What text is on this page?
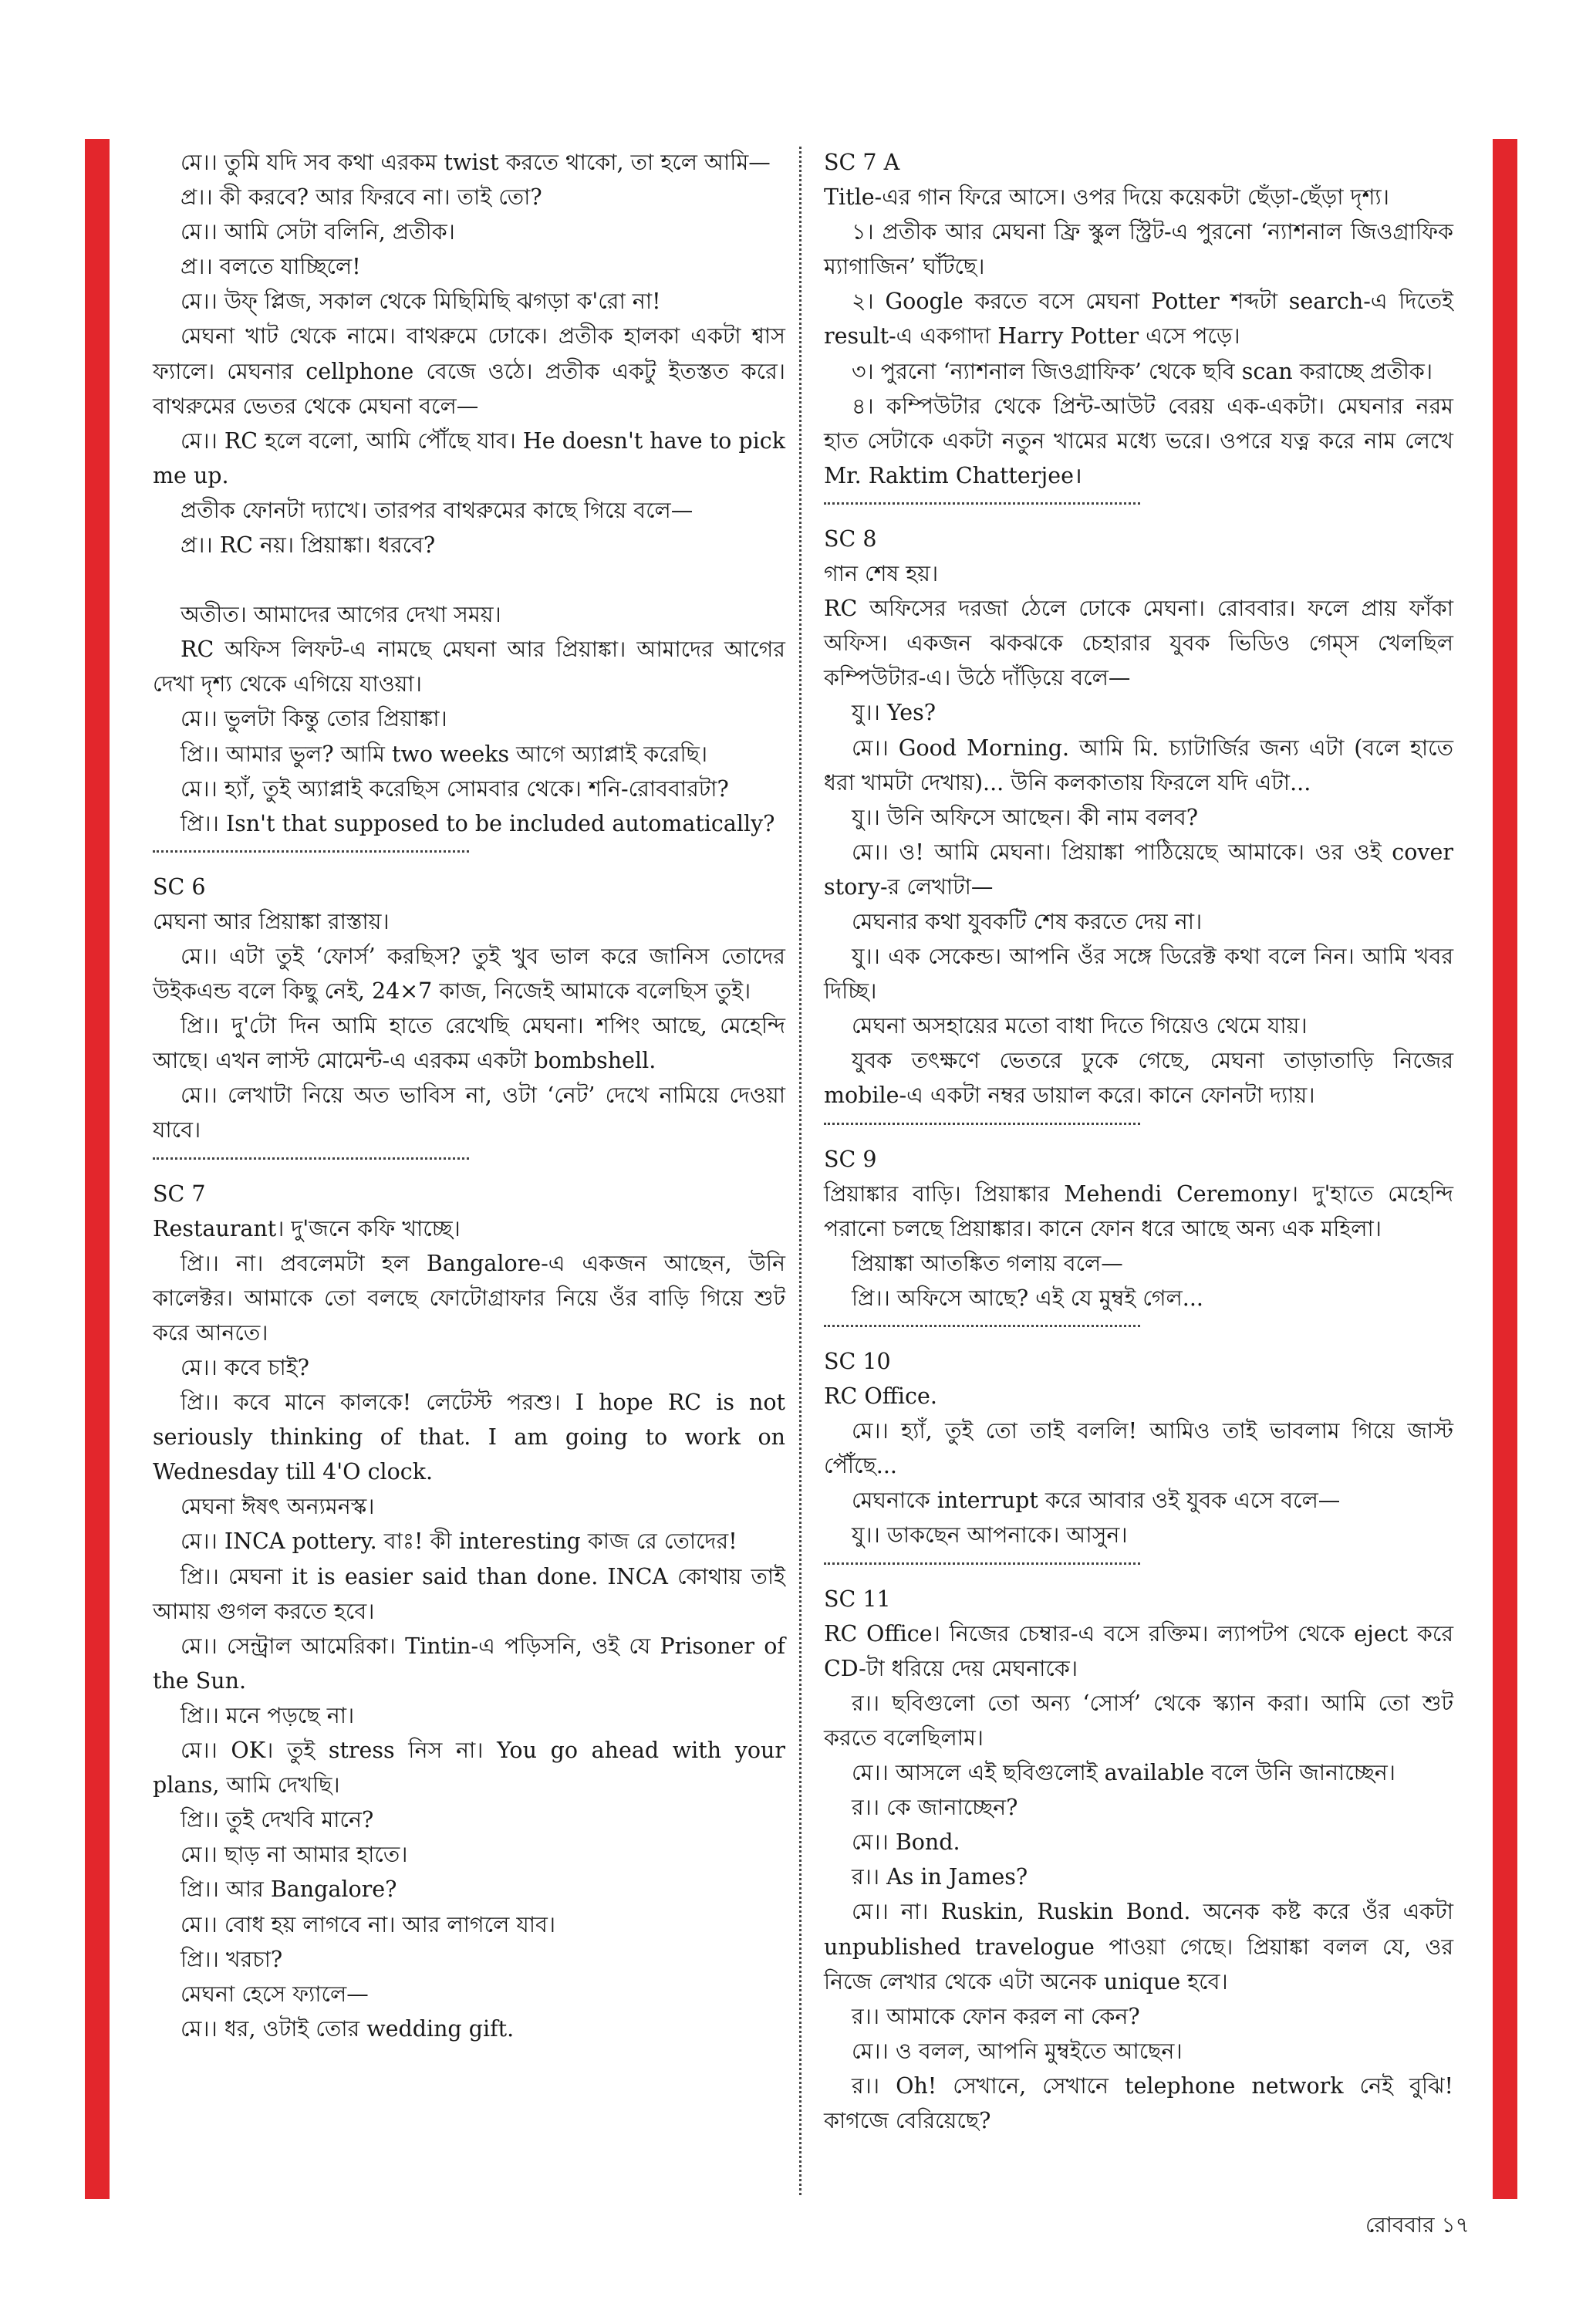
মে।। তুমি যদি সব কথা এরকম twist করতে থাকো, তা হলে আমি—

প্র।। কী করবে? আর ফিরবে না। তাই তো?

মে।। আমি সেটা বলিনি, প্রতীক।

প্র।। বলতে যাচ্ছিলে!

মে।। উফ্ প্লিজ, সকাল থেকে মিছিমিছি ঝগড়া ক'রো না!

মেঘনা খাট থেকে নামে। বাথরুমে ঢোকে। প্রতীক হালকা একটা শ্বাস ফ্যালে। মেঘনার cellphone বেজে ওঠে। প্রতীক একটু ইতস্তত করে। বাথরুমের ভেতর থেকে মেঘনা বলে—

মে।। RC হলে বলো, আমি পৌঁছে যাব। He doesn't have to pick me up.

প্রতীক ফোনটা দ্যাখে। তারপর বাথরুমের কাছে গিয়ে বলে—

প্র।। RC নয়। প্রিয়াঙ্কা। ধরবে?

অতীত। আমাদের আগের দেখা সময়।

RC অফিস লিফট-এ নামছে মেঘনা আর প্রিয়াঙ্কা। আমাদের আগের দেখা দৃশ্য থেকে এগিয়ে যাওয়া।

মে।। ভুলটা কিন্তু তোর প্রিয়াঙ্কা।

প্রি।। আমার ভুল? আমি two weeks আগে অ্যাপ্লাই করেছি।

মে।। হ্যাঁ, তুই অ্যাপ্লাই করেছিস সোমবার থেকে। শনি-রোববারটা?

প্রি।। Isn't that supposed to be included automatically?

SC 6

মেঘনা আর প্রিয়াঙ্কা রাস্তায়।

মে।। এটা তুই ‘ফোর্স’ করছিস? তুই খুব ভাল করে জানিস তোদের উইকএন্ড বলে কিছু নেই, 24×7 কাজ, নিজেই আমাকে বলেছিস তুই।

প্রি।। দু'টো দিন আমি হাতে রেখেছি মেঘনা। শপিং আছে, মেহেন্দি আছে। এখন লাস্ট মোমেন্ট-এ এরকম একটা bombshell.

মে।। লেখাটা নিয়ে অত ভাবিস না, ওটা ‘নেট’ দেখে নামিয়ে দেওয়া যাবে।

SC 7

Restaurant। দু'জনে কফি খাচ্ছে।

প্রি।। না। প্রবলেমটা হল Bangalore-এ একজন আছেন, উনি কালেক্টর। আমাকে তো বলছে ফোটোগ্রাফার নিয়ে ওঁর বাড়ি গিয়ে শুট করে আনতে।

মে।। কবে চাই?

প্রি।। কবে মানে কালকে! লেটেস্ট পরশু। I hope RC is not seriously thinking of that. I am going to work on Wednesday till 4'O clock.

মেঘনা ঈষৎ অন্যমনস্ক।

মে।। INCA pottery. বাঃ! কী interesting কাজ রে তোদের!

প্রি।। মেঘনা it is easier said than done. INCA কোথায় তাই আমায় গুগল করতে হবে।

মে।। সেন্ট্রাল আমেরিকা। Tintin-এ পড়িসনি, ওই যে Prisoner of the Sun.

প্রি।। মনে পড়ছে না।

মে।। OK। তুই stress নিস না। You go ahead with your plans, আমি দেখছি।

প্রি।। তুই দেখবি মানে?

মে।। ছাড় না আমার হাতে।

প্রি।। আর Bangalore?

মে।। বোধ হয় লাগবে না। আর লাগলে যাব।

প্রি।। খরচা?

মেঘনা হেসে ফ্যালে—

মে।। ধর, ওটাই তোর wedding gift.

SC 7 A

Title-এর গান ফিরে আসে। ওপর দিয়ে কয়েকটা ছেঁড়া-ছেঁড়া দৃশ্য।

১। প্রতীক আর মেঘনা ফ্রি স্কুল স্ট্রিট-এ পুরনো ‘ন্যাশনাল জিওগ্রাফিক ম্যাগাজিন’ ঘাঁটছে।

২। Google করতে বসে মেঘনা Potter শব্দটা search-এ দিতেই result-এ একগাদা Harry Potter এসে পড়ে।

৩। পুরনো ‘ন্যাশনাল জিওগ্রাফিক’ থেকে ছবি scan করাচ্ছে প্রতীক।

৪। কম্পিউটার থেকে প্রিন্ট-আউট বেরয় এক-একটা। মেঘনার নরম হাত সেটাকে একটা নতুন খামের মধ্যে ভরে। ওপরে যত্ন করে নাম লেখে Mr. Raktim Chatterjee।

SC 8

গান শেষ হয়।

RC অফিসের দরজা ঠেলে ঢোকে মেঘনা। রোববার। ফলে প্রায় ফাঁকা অফিস। একজন ঝকঝকে চেহারার যুবক ভিডিও গেম্‌স খেলছিল কম্পিউটার-এ। উঠে দাঁড়িয়ে বলে—

যু।। Yes?

মে।। Good Morning. আমি মি. চ্যাটার্জির জন্য এটা (বলে হাতে ধরা খামটা দেখায়)... উনি কলকাতায় ফিরলে যদি এটা...

যু।। উনি অফিসে আছেন। কী নাম বলব?

মে।। ও! আমি মেঘনা। প্রিয়াঙ্কা পাঠিয়েছে আমাকে। ওর ওই cover story-র লেখাটা—

মেঘনার কথা যুবকটি শেষ করতে দেয় না।

যু।। এক সেকেন্ড। আপনি ওঁর সঙ্গে ডিরেক্ট কথা বলে নিন। আমি খবর দিচ্ছি।

মেঘনা অসহায়ের মতো বাধা দিতে গিয়েও থেমে যায়।

যুবক তৎক্ষণে ভেতরে ঢুকে গেছে, মেঘনা তাড়াতাড়ি নিজের mobile-এ একটা নম্বর ডায়াল করে। কানে ফোনটা দ্যায়।

SC 9

প্রিয়াঙ্কার বাড়ি। প্রিয়াঙ্কার Mehendi Ceremony। দু'হাতে মেহেন্দি পরানো চলছে প্রিয়াঙ্কার। কানে ফোন ধরে আছে অন্য এক মহিলা।

প্রিয়াঙ্কা আতঙ্কিত গলায় বলে—

প্রি।। অফিসে আছে? এই যে মুম্বই গেল...

SC 10

RC Office.

মে।। হ্যাঁ, তুই তো তাই বললি! আমিও তাই ভাবলাম গিয়ে জাস্ট পৌঁছে...

মেঘনাকে interrupt করে আবার ওই যুবক এসে বলে—

যু।। ডাকছেন আপনাকে। আসুন।

SC 11

RC Office। নিজের চেম্বার-এ বসে রক্তিম। ল্যাপটপ থেকে eject করে CD-টা ধরিয়ে দেয় মেঘনাকে।

র।। ছবিগুলো তো অন্য ‘সোর্স’ থেকে স্ক্যান করা। আমি তো শুট করতে বলেছিলাম।

মে।। আসলে এই ছবিগুলোই available বলে উনি জানাচ্ছেন।

র।। কে জানাচ্ছেন?

মে।। Bond.

র।। As in James?

মে।। না। Ruskin, Ruskin Bond. অনেক কষ্ট করে ওঁর একটা unpublished travelogue পাওয়া গেছে। প্রিয়াঙ্কা বলল যে, ওর নিজে লেখার থেকে এটা অনেক unique হবে।

র।। আমাকে ফোন করল না কেন?

মে।। ও বলল, আপনি মুম্বইতে আছেন।

র।। Oh! সেখানে, সেখানে telephone network নেই বুঝি! কাগজে বেরিয়েছে?

রোববার ১৭
